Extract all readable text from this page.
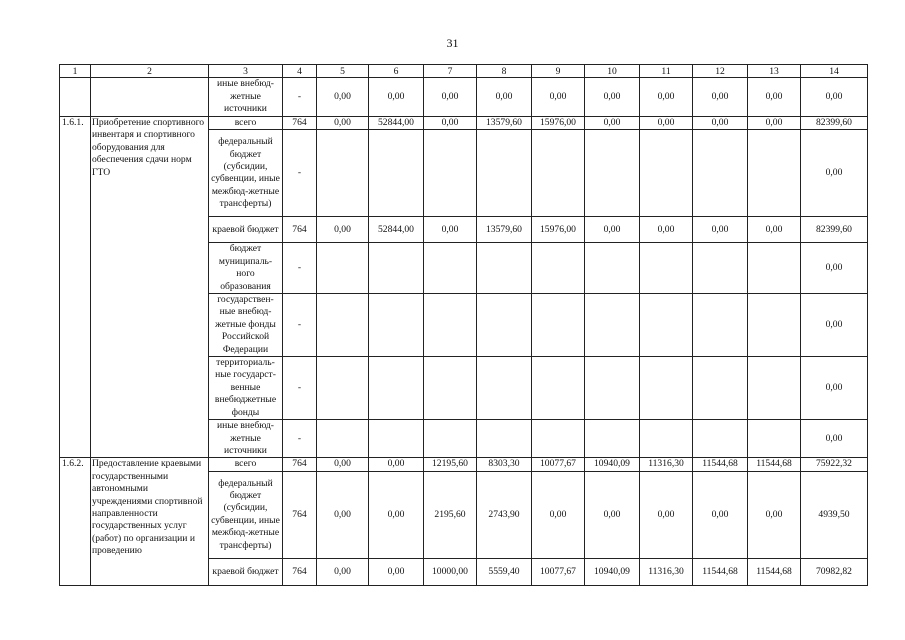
31
1	2	3	4	5	6	7	8	9	10	11	12	13	14
		иные внебюд-жетные источники	-	0,00	0,00	0,00	0,00	0,00	0,00	0,00	0,00	0,00	0,00
1.6.1.	Приобретение спортивного инвентаря и спортивного оборудования для обеспечения сдачи норм ГТО	всего	764	0,00	52844,00	0,00	13579,60	15976,00	0,00	0,00	0,00	0,00	82399,60
		федеральный бюджет (субсидии, субвенции, иные межбюд-жетные трансферты)	-										0,00
		краевой бюджет	764	0,00	52844,00	0,00	13579,60	15976,00	0,00	0,00	0,00	0,00	82399,60
		бюджет муниципаль-ного образования	-										0,00
		государствен-ные внебюд-жетные фонды Российской Федерации	-										0,00
		территориаль-ные государст-венные внебюджетные фонды	-										0,00
		иные внебюд-жетные источники	-										0,00
1.6.2.	Предоставление краевыми государственными автономными учреждениями спортивной направленности государственных услуг (работ) по организации и проведению	всего	764	0,00	0,00	12195,60	8303,30	10077,67	10940,09	11316,30	11544,68	11544,68	75922,32
		федеральный бюджет (субсидии, субвенции, иные межбюд-жетные трансферты)	764	0,00	0,00	2195,60	2743,90	0,00	0,00	0,00	0,00	0,00	4939,50
		краевой бюджет	764	0,00	0,00	10000,00	5559,40	10077,67	10940,09	11316,30	11544,68	11544,68	70982,82
